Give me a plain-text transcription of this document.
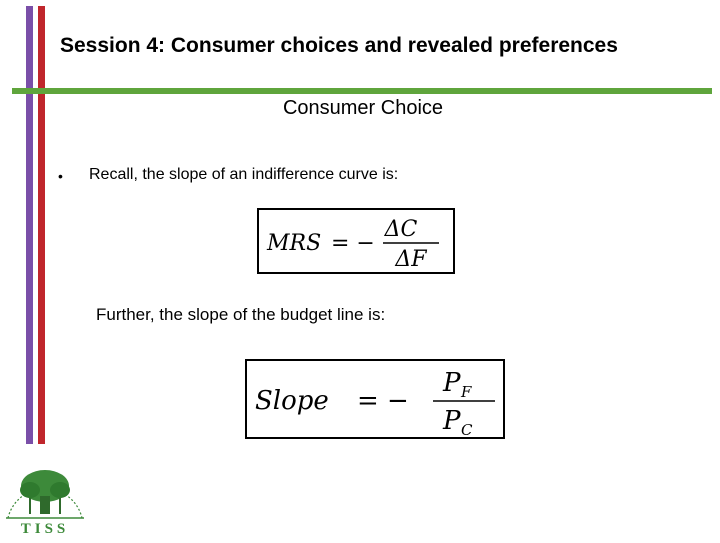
Session 4: Consumer choices and revealed preferences
Consumer Choice
• Recall, the slope of an indifference curve is:
MRS = −
ΔC
ΔF
Further, the slope of the budget line is:
Slope = −
P F
P C
TISS
